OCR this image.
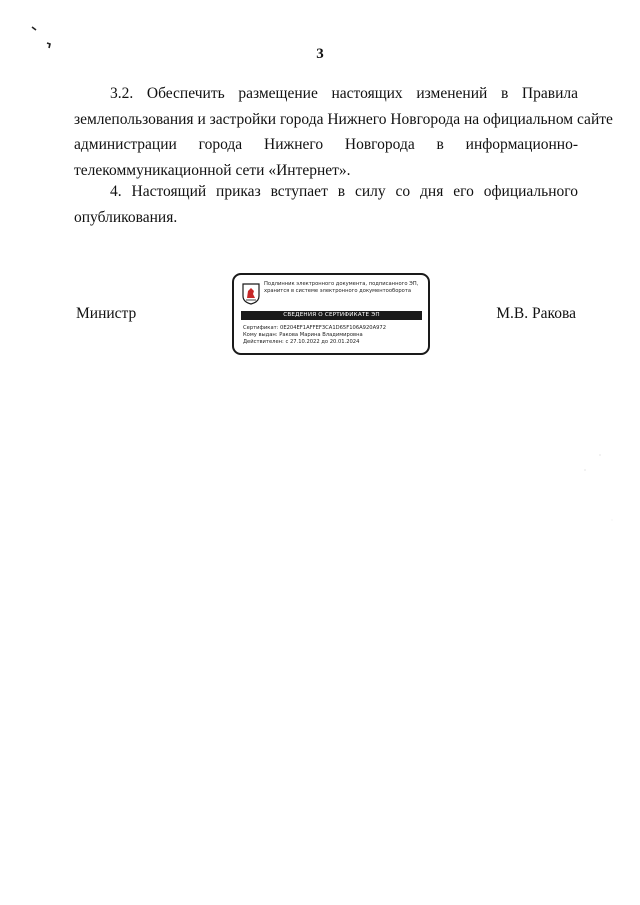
3
3.2. Обеспечить размещение настоящих изменений в Правила
землепользования и застройки города Нижнего Новгорода на официальном сайте
администрации города Нижнего Новгорода в информационно-
телекоммуникационной сети «Интернет».
4. Настоящий приказ вступает в силу со дня его официального
опубликования.
Министр	М.В. Ракова
Подлинник электронного документа, подписанного ЭП, хранится в системе электронного документооборота
СВЕДЕНИЯ О СЕРТИФИКАТЕ ЭП
Сертификат: 0E204EF1AFFEF3CA1D65F106A920A972
Кому выдан: Ракова Марина Владимировна
Действителен: с 27.10.2022 до 20.01.2024
